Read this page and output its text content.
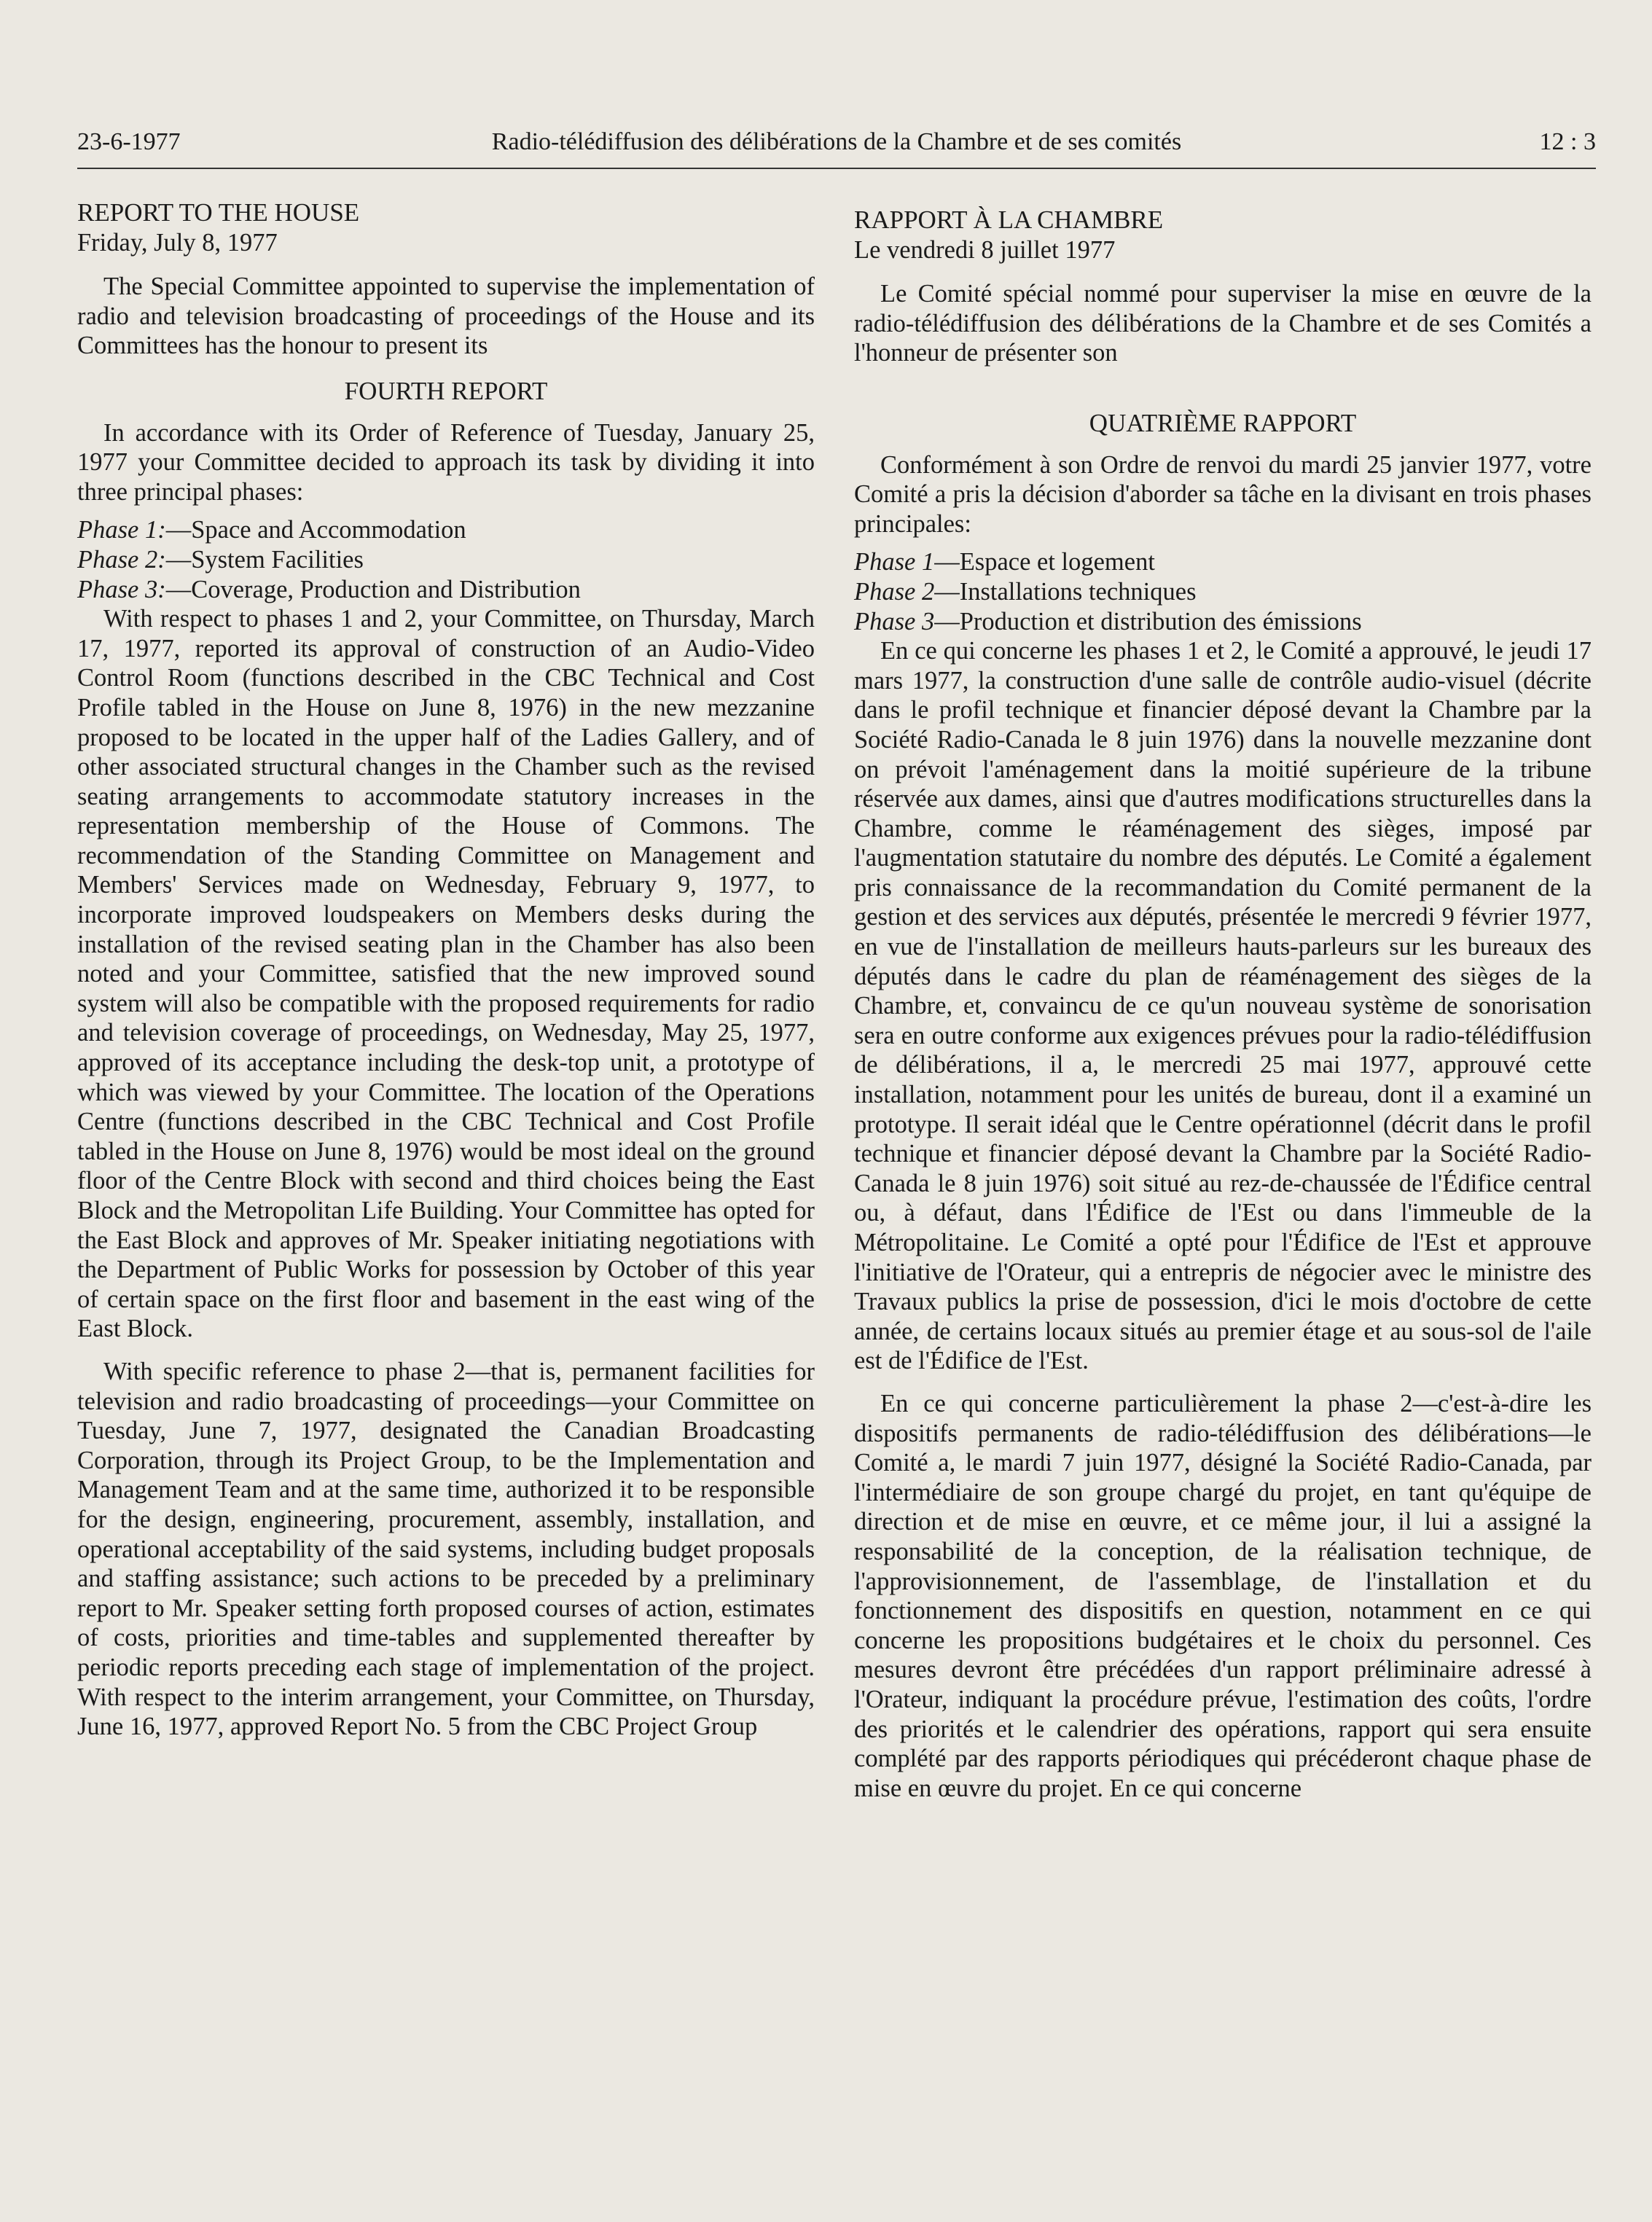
23-6-1977	Radio-télédiffusion des délibérations de la Chambre et de ses comités	12 : 3

REPORT TO THE HOUSE

Friday, July 8, 1977

The Special Committee appointed to supervise the implementation of radio and television broadcasting of proceedings of the House and its Committees has the honour to present its

FOURTH REPORT

In accordance with its Order of Reference of Tuesday, January 25, 1977 your Committee decided to approach its task by dividing it into three principal phases:

Phase 1:—Space and Accommodation

Phase 2:—System Facilities

Phase 3:—Coverage, Production and Distribution

With respect to phases 1 and 2, your Committee, on Thursday, March 17, 1977, reported its approval of construction of an Audio-Video Control Room (functions described in the CBC Technical and Cost Profile tabled in the House on June 8, 1976) in the new mezzanine proposed to be located in the upper half of the Ladies Gallery, and of other associated structural changes in the Chamber such as the revised seating arrangements to accommodate statutory increases in the representation membership of the House of Commons. The recommendation of the Standing Committee on Management and Members' Services made on Wednesday, February 9, 1977, to incorporate improved loudspeakers on Members desks during the installation of the revised seating plan in the Chamber has also been noted and your Committee, satisfied that the new improved sound system will also be compatible with the proposed requirements for radio and television coverage of proceedings, on Wednesday, May 25, 1977, approved of its acceptance including the desk-top unit, a prototype of which was viewed by your Committee. The location of the Operations Centre (functions described in the CBC Technical and Cost Profile tabled in the House on June 8, 1976) would be most ideal on the ground floor of the Centre Block with second and third choices being the East Block and the Metropolitan Life Building. Your Committee has opted for the East Block and approves of Mr. Speaker initiating negotiations with the Department of Public Works for possession by October of this year of certain space on the first floor and basement in the east wing of the East Block.

With specific reference to phase 2—that is, permanent facilities for television and radio broadcasting of proceedings—your Committee on Tuesday, June 7, 1977, designated the Canadian Broadcasting Corporation, through its Project Group, to be the Implementation and Management Team and at the same time, authorized it to be responsible for the design, engineering, procurement, assembly, installation, and operational acceptability of the said systems, including budget proposals and staffing assistance; such actions to be preceded by a preliminary report to Mr. Speaker setting forth proposed courses of action, estimates of costs, priorities and time-tables and supplemented thereafter by periodic reports preceding each stage of implementation of the project. With respect to the interim arrangement, your Committee, on Thursday, June 16, 1977, approved Report No. 5 from the CBC Project Group

RAPPORT À LA CHAMBRE

Le vendredi 8 juillet 1977

Le Comité spécial nommé pour superviser la mise en œuvre de la radio-télédiffusion des délibérations de la Chambre et de ses Comités a l'honneur de présenter son

QUATRIÈME RAPPORT

Conformément à son Ordre de renvoi du mardi 25 janvier 1977, votre Comité a pris la décision d'aborder sa tâche en la divisant en trois phases principales:

Phase 1—Espace et logement

Phase 2—Installations techniques

Phase 3—Production et distribution des émissions

En ce qui concerne les phases 1 et 2, le Comité a approuvé, le jeudi 17 mars 1977, la construction d'une salle de contrôle audio-visuel (décrite dans le profil technique et financier déposé devant la Chambre par la Société Radio-Canada le 8 juin 1976) dans la nouvelle mezzanine dont on prévoit l'aménagement dans la moitié supérieure de la tribune réservée aux dames, ainsi que d'autres modifications structurelles dans la Chambre, comme le réaménagement des sièges, imposé par l'augmentation statutaire du nombre des députés. Le Comité a également pris connaissance de la recommandation du Comité permanent de la gestion et des services aux députés, présentée le mercredi 9 février 1977, en vue de l'installation de meilleurs hauts-parleurs sur les bureaux des députés dans le cadre du plan de réaménagement des sièges de la Chambre, et, convaincu de ce qu'un nouveau système de sonorisation sera en outre conforme aux exigences prévues pour la radio-télédiffusion de délibérations, il a, le mercredi 25 mai 1977, approuvé cette installation, notamment pour les unités de bureau, dont il a examiné un prototype. Il serait idéal que le Centre opérationnel (décrit dans le profil technique et financier déposé devant la Chambre par la Société Radio-Canada le 8 juin 1976) soit situé au rez-de-chaussée de l'Édifice central ou, à défaut, dans l'Édifice de l'Est ou dans l'immeuble de la Métropolitaine. Le Comité a opté pour l'Édifice de l'Est et approuve l'initiative de l'Orateur, qui a entrepris de négocier avec le ministre des Travaux publics la prise de possession, d'ici le mois d'octobre de cette année, de certains locaux situés au premier étage et au sous-sol de l'aile est de l'Édifice de l'Est.

En ce qui concerne particulièrement la phase 2—c'est-à-dire les dispositifs permanents de radio-télédiffusion des délibérations—le Comité a, le mardi 7 juin 1977, désigné la Société Radio-Canada, par l'intermédiaire de son groupe chargé du projet, en tant qu'équipe de direction et de mise en œuvre, et ce même jour, il lui a assigné la responsabilité de la conception, de la réalisation technique, de l'approvisionnement, de l'assemblage, de l'installation et du fonctionnement des dispositifs en question, notamment en ce qui concerne les propositions budgétaires et le choix du personnel. Ces mesures devront être précédées d'un rapport préliminaire adressé à l'Orateur, indiquant la procédure prévue, l'estimation des coûts, l'ordre des priorités et le calendrier des opérations, rapport qui sera ensuite complété par des rapports périodiques qui précéderont chaque phase de mise en œuvre du projet. En ce qui concerne
